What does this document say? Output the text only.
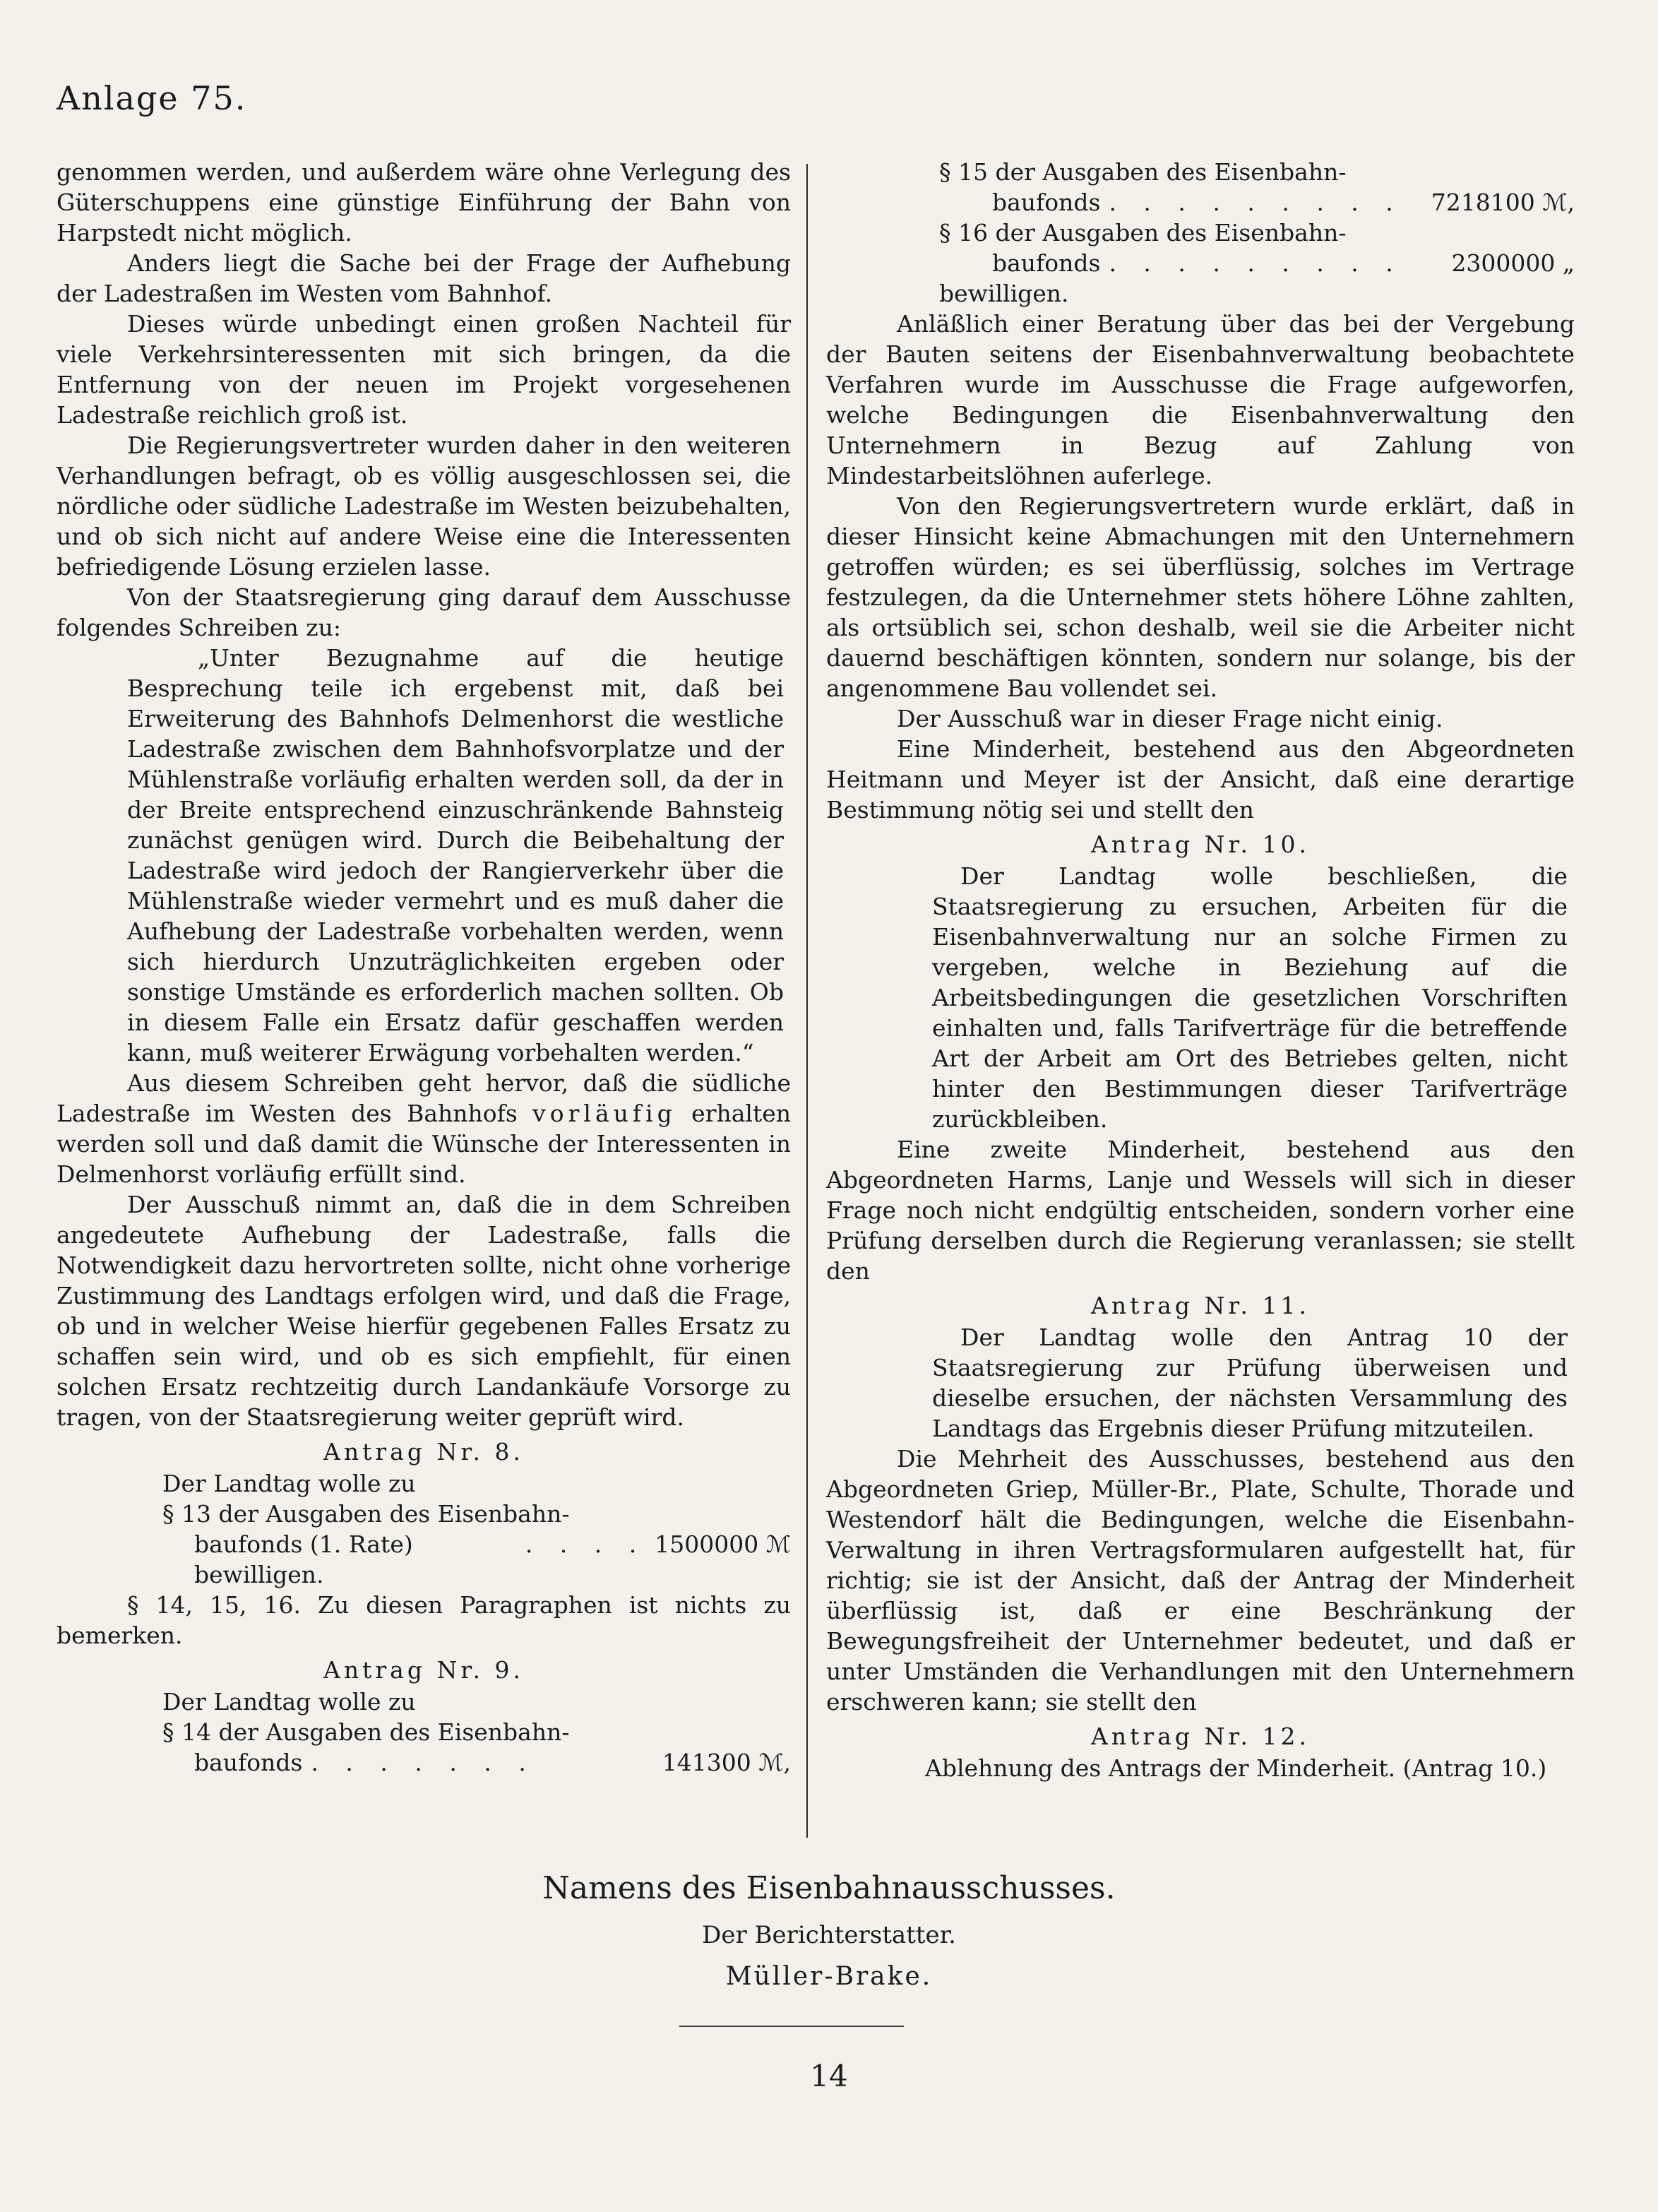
Anlage 75.

genommen werden, und außerdem wäre ohne Verlegung des Güterschuppens eine günstige Einführung der Bahn von Harpstedt nicht möglich.

Anders liegt die Sache bei der Frage der Aufhebung der Ladestraßen im Westen vom Bahnhof.

Dieses würde unbedingt einen großen Nachteil für viele Verkehrsinteressenten mit sich bringen, da die Entfernung von der neuen im Projekt vorgesehenen Ladestraße reichlich groß ist.

Die Regierungsvertreter wurden daher in den weiteren Verhandlungen befragt, ob es völlig ausgeschlossen sei, die nördliche oder südliche Ladestraße im Westen beizubehalten, und ob sich nicht auf andere Weise eine die Interessenten befriedigende Lösung erzielen lasse.

Von der Staatsregierung ging darauf dem Ausschusse folgendes Schreiben zu:

„Unter Bezugnahme auf die heutige Besprechung teile ich ergebenst mit, daß bei Erweiterung des Bahnhofs Delmenhorst die westliche Ladestraße zwischen dem Bahnhofsvorplatze und der Mühlenstraße vorläufig erhalten werden soll, da der in der Breite entsprechend einzuschränkende Bahnsteig zunächst genügen wird. Durch die Beibehaltung der Ladestraße wird jedoch der Rangierverkehr über die Mühlenstraße wieder vermehrt und es muß daher die Aufhebung der Ladestraße vorbehalten werden, wenn sich hierdurch Unzuträglichkeiten ergeben oder sonstige Umstände es erforderlich machen sollten. Ob in diesem Falle ein Ersatz dafür geschaffen werden kann, muß weiterer Erwägung vorbehalten werden.“

Aus diesem Schreiben geht hervor, daß die südliche Ladestraße im Westen des Bahnhofs vorläufig erhalten werden soll und daß damit die Wünsche der Interessenten in Delmenhorst vorläufig erfüllt sind.

Der Ausschuß nimmt an, daß die in dem Schreiben angedeutete Aufhebung der Ladestraße, falls die Notwendigkeit dazu hervortreten sollte, nicht ohne vorherige Zustimmung des Landtags erfolgen wird, und daß die Frage, ob und in welcher Weise hierfür gegebenen Falles Ersatz zu schaffen sein wird, und ob es sich empfiehlt, für einen solchen Ersatz rechtzeitig durch Landankäufe Vorsorge zu tragen, von der Staatsregierung weiter geprüft wird.

Antrag Nr. 8.

Der Landtag wolle zu

§ 13 der Ausgaben des Eisenbahn-

baufonds (1. Rate)	. . . . 1500000 ℳ

bewilligen.

§ 14, 15, 16. Zu diesen Paragraphen ist nichts zu bemerken.

Antrag Nr. 9.

Der Landtag wolle zu

§ 14 der Ausgaben des Eisenbahn-

baufonds . . . . . . .	141300 ℳ,

§ 15 der Ausgaben des Eisenbahn-

baufonds . . . . . . . . .	7218100 ℳ,

§ 16 der Ausgaben des Eisenbahn-

baufonds . . . . . . . . .	2300000 „

bewilligen.

Anläßlich einer Beratung über das bei der Vergebung der Bauten seitens der Eisenbahnverwaltung beobachtete Verfahren wurde im Ausschusse die Frage aufgeworfen, welche Bedingungen die Eisenbahnverwaltung den Unternehmern in Bezug auf Zahlung von Mindestarbeitslöhnen auferlege.

Von den Regierungsvertretern wurde erklärt, daß in dieser Hinsicht keine Abmachungen mit den Unternehmern getroffen würden; es sei überflüssig, solches im Vertrage festzulegen, da die Unternehmer stets höhere Löhne zahlten, als ortsüblich sei, schon deshalb, weil sie die Arbeiter nicht dauernd beschäftigen könnten, sondern nur solange, bis der angenommene Bau vollendet sei.

Der Ausschuß war in dieser Frage nicht einig.

Eine Minderheit, bestehend aus den Abgeordneten Heitmann und Meyer ist der Ansicht, daß eine derartige Bestimmung nötig sei und stellt den

Antrag Nr. 10.

Der Landtag wolle beschließen, die Staatsregierung zu ersuchen, Arbeiten für die Eisenbahnverwaltung nur an solche Firmen zu vergeben, welche in Beziehung auf die Arbeitsbedingungen die gesetzlichen Vorschriften einhalten und, falls Tarifverträge für die betreffende Art der Arbeit am Ort des Betriebes gelten, nicht hinter den Bestimmungen dieser Tarifverträge zurückbleiben.

Eine zweite Minderheit, bestehend aus den Abgeordneten Harms, Lanje und Wessels will sich in dieser Frage noch nicht endgültig entscheiden, sondern vorher eine Prüfung derselben durch die Regierung veranlassen; sie stellt den

Antrag Nr. 11.

Der Landtag wolle den Antrag 10 der Staatsregierung zur Prüfung überweisen und dieselbe ersuchen, der nächsten Versammlung des Landtags das Ergebnis dieser Prüfung mitzuteilen.

Die Mehrheit des Ausschusses, bestehend aus den Abgeordneten Griep, Müller-Br., Plate, Schulte, Thorade und Westendorf hält die Bedingungen, welche die Eisenbahn-Verwaltung in ihren Vertragsformularen aufgestellt hat, für richtig; sie ist der Ansicht, daß der Antrag der Minderheit überflüssig ist, daß er eine Beschränkung der Bewegungsfreiheit der Unternehmer bedeutet, und daß er unter Umständen die Verhandlungen mit den Unternehmern erschweren kann; sie stellt den

Antrag Nr. 12.

Ablehnung des Antrags der Minderheit. (Antrag 10.)

Namens des Eisenbahnausschusses.
Der Berichterstatter.
Müller-Brake.
14
